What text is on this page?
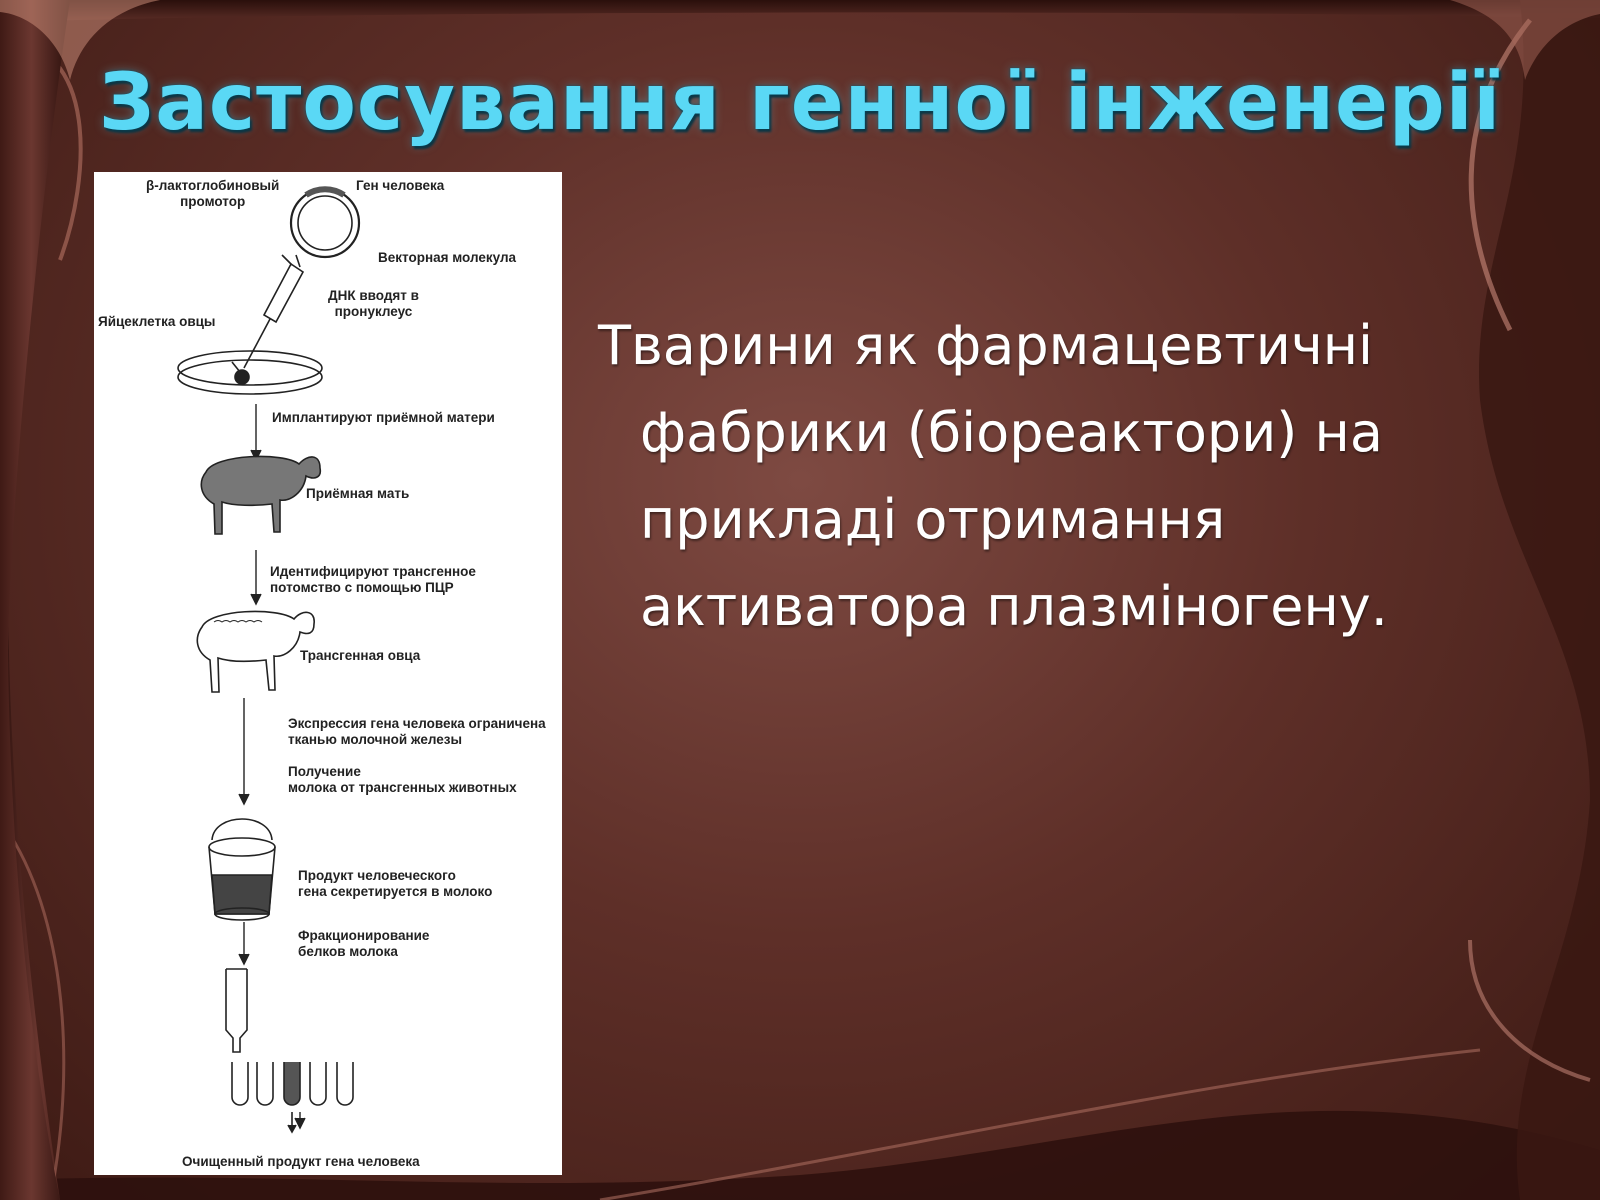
Застосування генної інженерії
β-лактоглобиновый
промотор
Ген человека
Векторная молекула
Яйцеклетка овцы
ДНК вводят в
пронуклеус
Имплантируют приёмной матери
Приёмная мать
Идентифицируют трансгенное
потомство с помощью ПЦР
Трансгенная овца
Экспрессия гена человека ограничена
тканью молочной железы
Получение
молока от трансгенных животных
Продукт человеческого
гена секретируется в молоко
Фракционирование
белков молока
Очищенный продукт гена человека
Тварини як фармацевтичні
фабрики (біореактори) на
прикладі отримання
активатора плазміногену.
